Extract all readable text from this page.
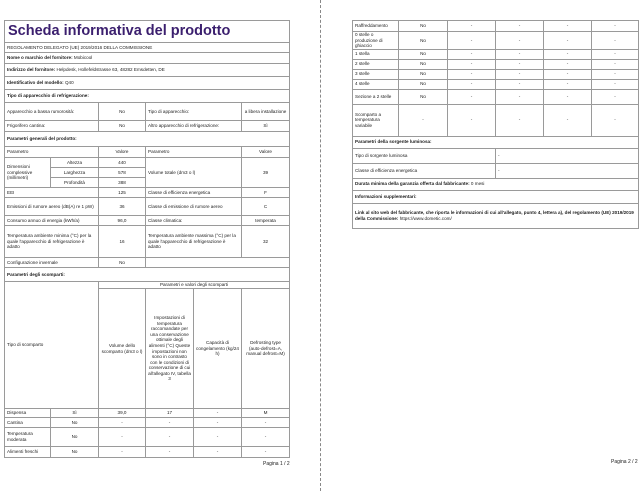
Scheda informativa del prodotto					
REGOLAMENTO DELEGATO (UE) 2019/2016 DELLA COMMISSIONE					
Nome o marchio del fornitore: Mobicool					
Indirizzo del fornitore: Helpdesk, Hollefeldstrasse 63, 48282 Emsdetten, DE					
Identificativo del modello: Q40					
Tipo di apparecchio di refrigerazione:					
Apparecchio a bassa rumorosità:		No	Tipo di apparecchio:		a libera installazione
Frigorifero cantina:		No	Altro apparecchio di refrigerazione:		Sì
Parametri generali del prodotto:					
Parametro		Valore	Parametro		Valore
Dimensioni complessive (millimetri)	Altezza	440	Volume totale (dm3 o l)		39
	Larghezza	578			
	Profondità	388			
EEI		125	Classe di efficienza energetica		F
Emissioni di rumore aereo (dB(A) re 1 pW)		36	Classe di emissione di rumore aereo		C
Consumo annuo di energia (kWh/a)		96,0	Classe climatica:		temperata
Temperatura ambiente minima (°C) per la quale l'apparecchio di refrigerazione è adatto		16	Temperatura ambiente massima (°C) per la quale l'apparecchio di refrigerazione è adatto		32
Configurazione invernale		No			
Parametri degli scomparti:					
Tipo di scomparto		Parametri e valori degli scomparti			
		Volume dello scomparto (dm3 o l)	Impostazioni di temperatura raccomandate per una conservazione ottimale degli alimenti (°C) Queste impostazioni non sono in contrasto con le condizioni di conservazione di cui all'allegato IV, tabella 3	Capacità di congelamento (kg/24 h)	Defrosting type (auto-defrost=A, manual defrost=M)
Dispensa	Sì	39,0	17	-	M
Cantina	No	-	-	-	-
Temperatura moderata	No	-	-	-	-
Alimenti freschi	No	-	-	-	-
Pagina 1 / 2
Raffreddamento	No	-	-	-	-
0 stelle o produzione di ghiaccio	No	-	-	-	-
1 stella	No	-	-	-	-
2 stelle	No	-	-	-	-
3 stelle	No	-	-	-	-
4 stelle	No	-	-	-	-
Sezione a 2 stelle	No	-	-	-	-
Scomparto a temperatura variabile	-	-	-	-	-
Parametri della sorgente luminosa:					
Tipo di sorgente luminosa			-		
Classe di efficienza energetica			-		
Durata minima della garanzia offerta dal fabbricante: 0 mesi					
Informazioni supplementari:					
Link al sito web del fabbricante, che riporta le informazioni di cui all'allegato, punto 4, lettera a), del regolamento (UE) 2019/2019 della Commissione: https://www.dometic.com/					
Pagina 2 / 2
